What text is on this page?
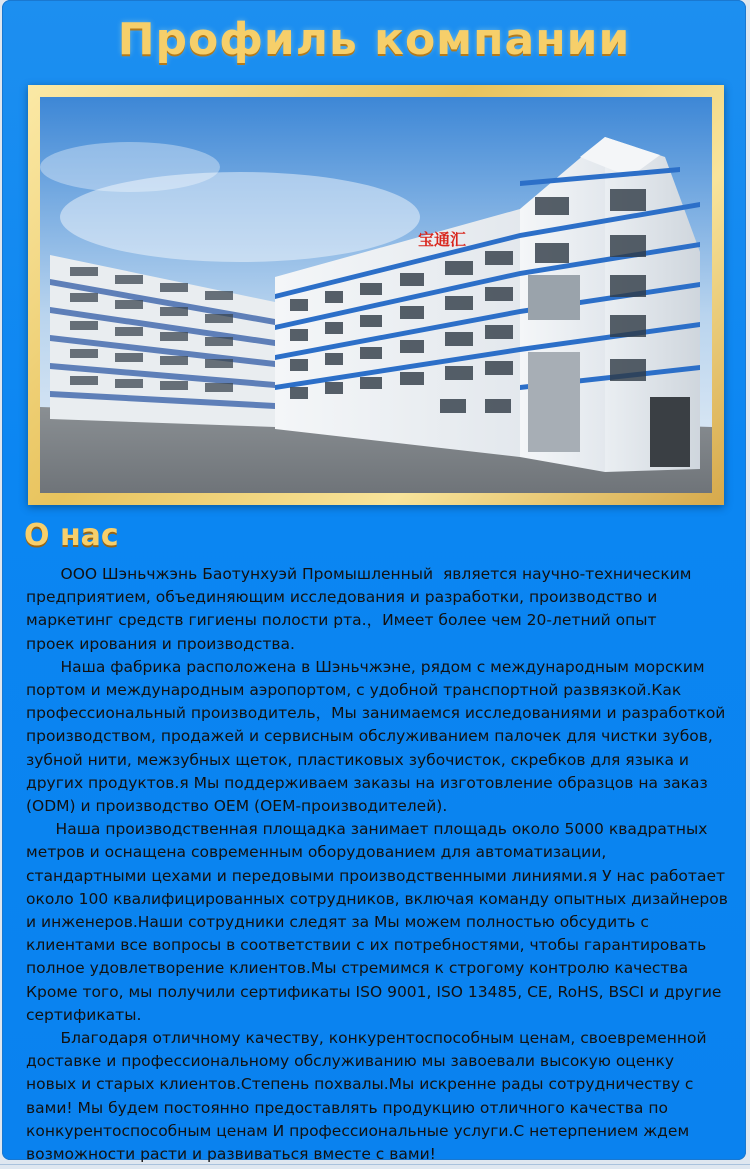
Профиль компании
宝通汇
О нас

ООО Шэньчжэнь Баотунхуэй Промышленный  является научно-техническим

предприятием, объединяющим исследования и разработки, производство и

маркетинг средств гигиены полости рта.，Имеет более чем 20-летний опыт

проек ирования и производства.

Наша фабрика расположена в Шэньчжэне, рядом с международным морским

портом и международным аэропортом, с удобной транспортной развязкой.Как

профессиональный производитель，Мы занимаемся исследованиями и разработкой

производством, продажей и сервисным обслуживанием палочек для чистки зубов,

зубной нити, межзубных щеток, пластиковых зубочисток, скребков для языка и

других продуктов.я Мы поддерживаем заказы на изготовление образцов на заказ

(ODM) и производство OEM (OEM-производителей).

Наша производственная площадка занимает площадь около 5000 квадратных

метров и оснащена современным оборудованием для автоматизации,

стандартными цехами и передовыми производственными линиями.я У нас работает

около 100 квалифицированных сотрудников, включая команду опытных дизайнеров

и инженеров.Наши сотрудники следят за Мы можем полностью обсудить с

клиентами все вопросы в соответствии с их потребностями, чтобы гарантировать

полное удовлетворение клиентов.Мы стремимся к строгому контролю качества

Кроме того, мы получили сертификаты ISO 9001, ISO 13485, CE, RoHS, BSCI и другие

сертификаты.

Благодаря отличному качеству, конкурентоспособным ценам, своевременной

доставке и профессиональному обслуживанию мы завоевали высокую оценку

новых и старых клиентов.Степень похвалы.Мы искренне рады сотрудничеству с

вами! Мы будем постоянно предоставлять продукцию отличного качества по

конкурентоспособным ценам И профессиональные услуги.С нетерпением ждем

возможности расти и развиваться вместе с вами!
